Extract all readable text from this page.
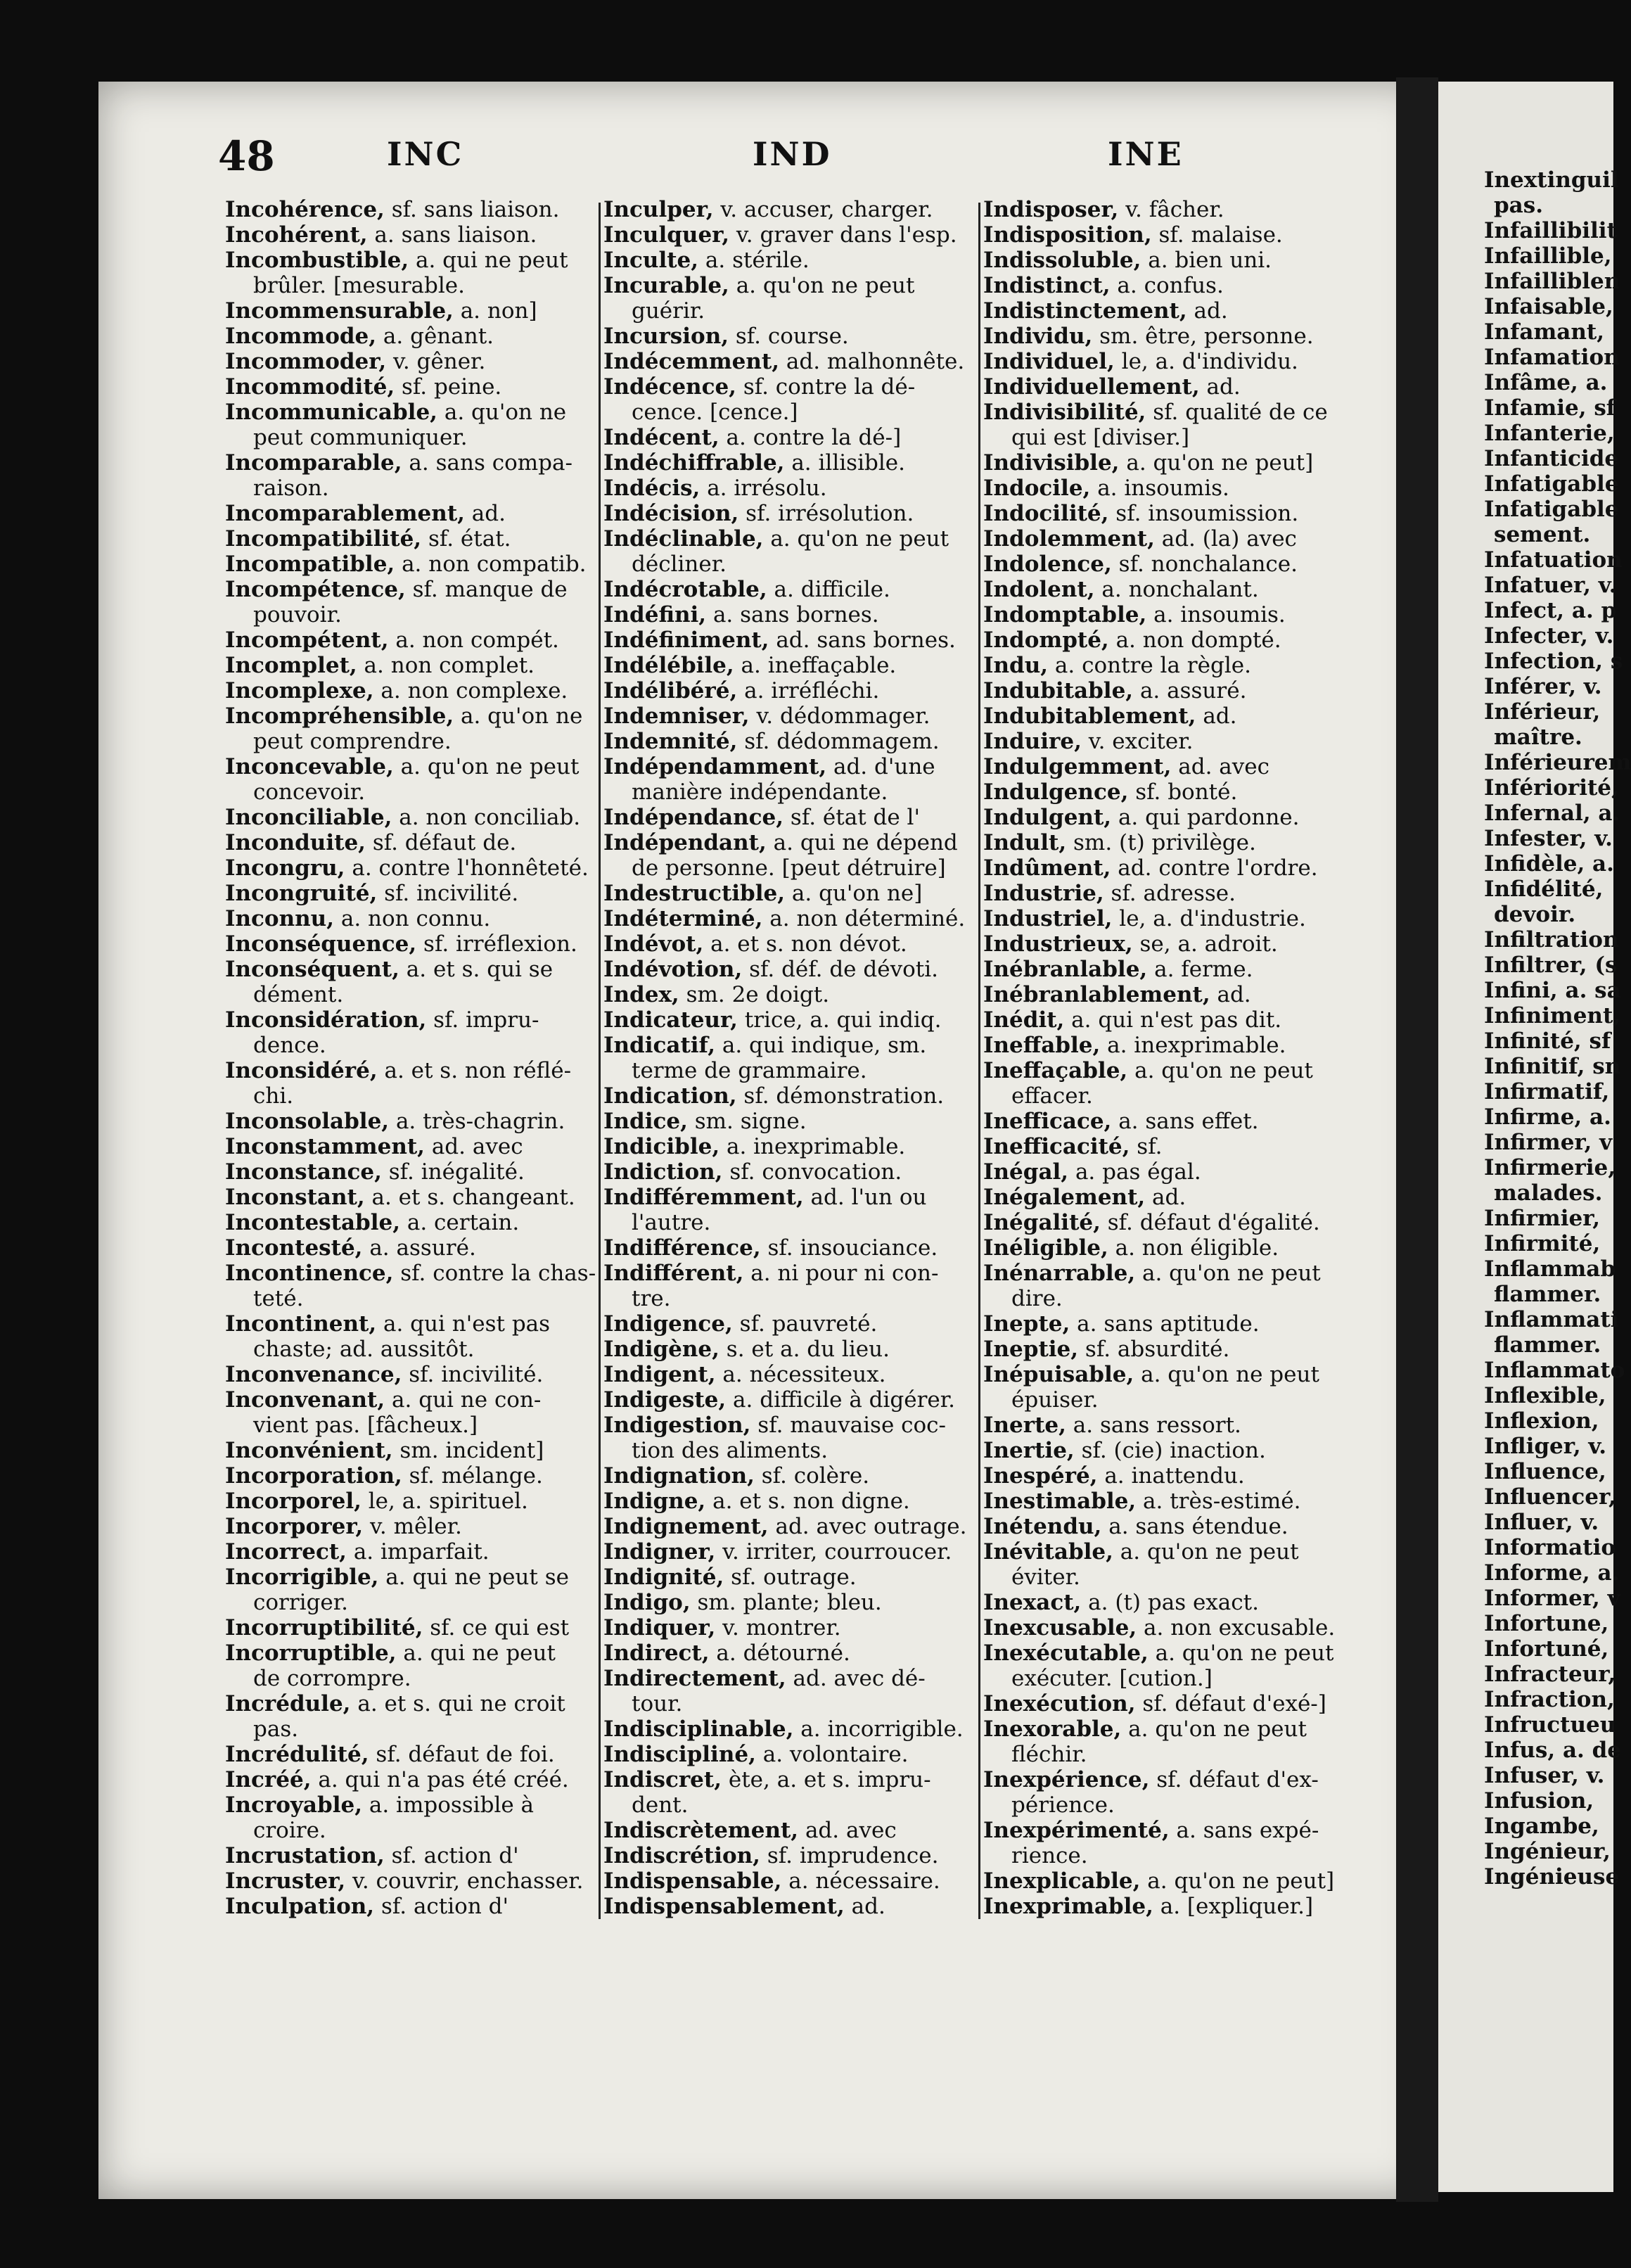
48	INC	IND	INE

Incohérence, sf. sans liaison.

Incohérent, a. sans liaison.

Incombustible, a. qui ne peut

brûler. [mesurable.

Incommensurable, a. non]

Incommode, a. gênant.

Incommoder, v. gêner.

Incommodité, sf. peine.

Incommunicable, a. qu'on ne

peut communiquer.

Incomparable, a. sans compa-

raison.

Incomparablement, ad.

Incompatibilité, sf. état.

Incompatible, a. non compatib.

Incompétence, sf. manque de

pouvoir.

Incompétent, a. non compét.

Incomplet, a. non complet.

Incomplexe, a. non complexe.

Incompréhensible, a. qu'on ne

peut comprendre.

Inconcevable, a. qu'on ne peut

concevoir.

Inconciliable, a. non conciliab.

Inconduite, sf. défaut de.

Incongru, a. contre l'honnêteté.

Incongruité, sf. incivilité.

Inconnu, a. non connu.

Inconséquence, sf. irréflexion.

Inconséquent, a. et s. qui se

dément.

Inconsidération, sf. impru-

dence.

Inconsidéré, a. et s. non réflé-

chi.

Inconsolable, a. très-chagrin.

Inconstamment, ad. avec

Inconstance, sf. inégalité.

Inconstant, a. et s. changeant.

Incontestable, a. certain.

Incontesté, a. assuré.

Incontinence, sf. contre la chas-

teté.

Incontinent, a. qui n'est pas

chaste; ad. aussitôt.

Inconvenance, sf. incivilité.

Inconvenant, a. qui ne con-

vient pas. [fâcheux.]

Inconvénient, sm. incident]

Incorporation, sf. mélange.

Incorporel, le, a. spirituel.

Incorporer, v. mêler.

Incorrect, a. imparfait.

Incorrigible, a. qui ne peut se

corriger.

Incorruptibilité, sf. ce qui est

Incorruptible, a. qui ne peut

de corrompre.

Incrédule, a. et s. qui ne croit

pas.

Incrédulité, sf. défaut de foi.

Incréé, a. qui n'a pas été créé.

Incroyable, a. impossible à

croire.

Incrustation, sf. action d'

Incruster, v. couvrir, enchasser.

Inculpation, sf. action d'

Inculper, v. accuser, charger.

Inculquer, v. graver dans l'esp.

Inculte, a. stérile.

Incurable, a. qu'on ne peut

guérir.

Incursion, sf. course.

Indécemment, ad. malhonnête.

Indécence, sf. contre la dé-

cence. [cence.]

Indécent, a. contre la dé-]

Indéchiffrable, a. illisible.

Indécis, a. irrésolu.

Indécision, sf. irrésolution.

Indéclinable, a. qu'on ne peut

décliner.

Indécrotable, a. difficile.

Indéfini, a. sans bornes.

Indéfiniment, ad. sans bornes.

Indélébile, a. ineffaçable.

Indélibéré, a. irréfléchi.

Indemniser, v. dédommager.

Indemnité, sf. dédommagem.

Indépendamment, ad. d'une

manière indépendante.

Indépendance, sf. état de l'

Indépendant, a. qui ne dépend

de personne. [peut détruire]

Indestructible, a. qu'on ne]

Indéterminé, a. non déterminé.

Indévot, a. et s. non dévot.

Indévotion, sf. déf. de dévoti.

Index, sm. 2e doigt.

Indicateur, trice, a. qui indiq.

Indicatif, a. qui indique, sm.

terme de grammaire.

Indication, sf. démonstration.

Indice, sm. signe.

Indicible, a. inexprimable.

Indiction, sf. convocation.

Indifféremment, ad. l'un ou

l'autre.

Indifférence, sf. insouciance.

Indifférent, a. ni pour ni con-

tre.

Indigence, sf. pauvreté.

Indigène, s. et a. du lieu.

Indigent, a. nécessiteux.

Indigeste, a. difficile à digérer.

Indigestion, sf. mauvaise coc-

tion des aliments.

Indignation, sf. colère.

Indigne, a. et s. non digne.

Indignement, ad. avec outrage.

Indigner, v. irriter, courroucer.

Indignité, sf. outrage.

Indigo, sm. plante; bleu.

Indiquer, v. montrer.

Indirect, a. détourné.

Indirectement, ad. avec dé-

tour.

Indisciplinable, a. incorrigible.

Indiscipliné, a. volontaire.

Indiscret, ète, a. et s. impru-

dent.

Indiscrètement, ad. avec

Indiscrétion, sf. imprudence.

Indispensable, a. nécessaire.

Indispensablement, ad.

Indisposer, v. fâcher.

Indisposition, sf. malaise.

Indissoluble, a. bien uni.

Indistinct, a. confus.

Indistinctement, ad.

Individu, sm. être, personne.

Individuel, le, a. d'individu.

Individuellement, ad.

Indivisibilité, sf. qualité de ce

qui est [diviser.]

Indivisible, a. qu'on ne peut]

Indocile, a. insoumis.

Indocilité, sf. insoumission.

Indolemment, ad. (la) avec

Indolence, sf. nonchalance.

Indolent, a. nonchalant.

Indomptable, a. insoumis.

Indompté, a. non dompté.

Indu, a. contre la règle.

Indubitable, a. assuré.

Indubitablement, ad.

Induire, v. exciter.

Indulgemment, ad. avec

Indulgence, sf. bonté.

Indulgent, a. qui pardonne.

Indult, sm. (t) privilège.

Indûment, ad. contre l'ordre.

Industrie, sf. adresse.

Industriel, le, a. d'industrie.

Industrieux, se, a. adroit.

Inébranlable, a. ferme.

Inébranlablement, ad.

Inédit, a. qui n'est pas dit.

Ineffable, a. inexprimable.

Ineffaçable, a. qu'on ne peut

effacer.

Inefficace, a. sans effet.

Inefficacité, sf.

Inégal, a. pas égal.

Inégalement, ad.

Inégalité, sf. défaut d'égalité.

Inéligible, a. non éligible.

Inénarrable, a. qu'on ne peut

dire.

Inepte, a. sans aptitude.

Ineptie, sf. absurdité.

Inépuisable, a. qu'on ne peut

épuiser.

Inerte, a. sans ressort.

Inertie, sf. (cie) inaction.

Inespéré, a. inattendu.

Inestimable, a. très-estimé.

Inétendu, a. sans étendue.

Inévitable, a. qu'on ne peut

éviter.

Inexact, a. (t) pas exact.

Inexcusable, a. non excusable.

Inexécutable, a. qu'on ne peut

exécuter. [cution.]

Inexécution, sf. défaut d'exé-]

Inexorable, a. qu'on ne peut

fléchir.

Inexpérience, sf. défaut d'ex-

périence.

Inexpérimenté, a. sans expé-

rience.

Inexplicable, a. qu'on ne peut]

Inexprimable, a. [expliquer.]

Inextinguil
pas.
Infaillibilit
Infaillible,
Infailliblen
Infaisable,
Infamant,
Infamation
Infâme, a.
Infamie, sf
Infanterie,
Infanticide
Infatigable
Infatigable
sement.
Infatuation
Infatuer, v.
Infect, a. p
Infecter, v.
Infection, s
Inférer, v.
Inférieur,
maître.
Inférieurem
Infériorité,
Infernal, a.
Infester, v.
Infidèle, a.
Infidélité,
devoir.
Infiltration
Infiltrer, (s
Infini, a. sa
Infiniment,
Infinité, sf
Infinitif, sn
Infirmatif,
Infirme, a.
Infirmer, v
Infirmerie,
malades.
Infirmier,
Infirmité,
Inflammab
flammer.
Inflammati
flammer.
Inflammato
Inflexible,
Inflexion,
Infliger, v.
Influence,
Influencer,
Influer, v.
Informatio
Informe, a.
Informer, v
Infortune,
Infortuné,
Infracteur,
Infraction,
Infructueu
Infus, a. de
Infuser, v.
Infusion,
Ingambe,
Ingénieur,
Ingénieuse
